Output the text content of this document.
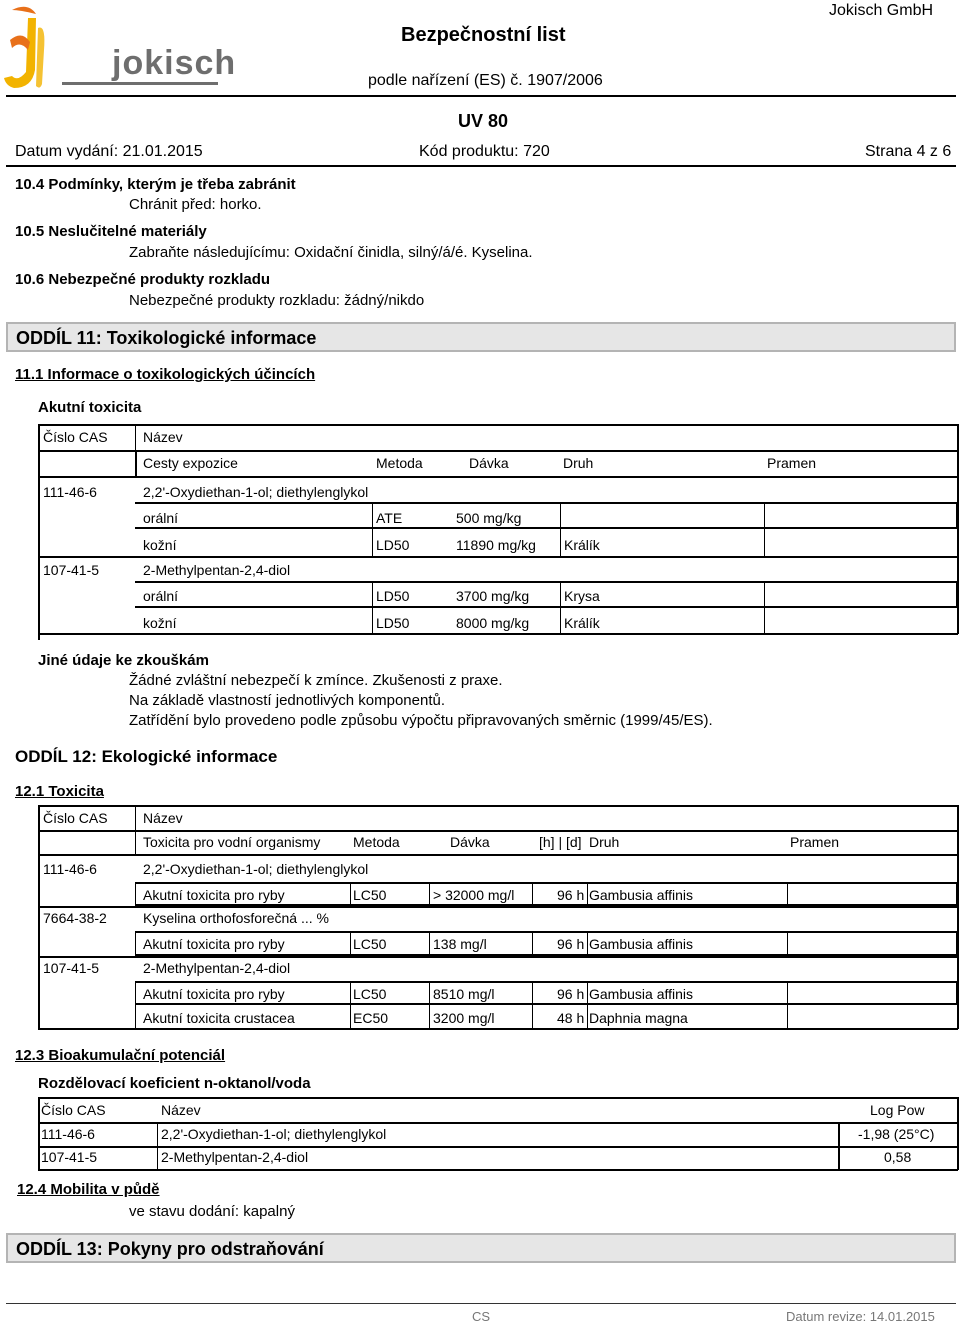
jokisch
Jokisch GmbH
Bezpečnostní list
podle nařízení (ES) č. 1907/2006
UV 80
Datum vydání: 21.01.2015	Kód produktu: 720	Strana 4 z 6
10.4 Podmínky, kterým je třeba zabránit
Chránit před: horko.
10.5 Neslučitelné materiály
Zabraňte následujícímu: Oxidační činidla, silný/á/é. Kyselina.
10.6 Nebezpečné produkty rozkladu
Nebezpečné produkty rozkladu: žádný/nikdo
ODDÍL 11: Toxikologické informace
11.1 Informace o toxikologických účincích
Akutní toxicita
Číslo CAS	Název
Cesty expozice	Metoda	Dávka	Druh	Pramen
111-46-6	2,2'-Oxydiethan-1-ol; diethylenglykol
orální	ATE	500 mg/kg
kožní	LD50	11890 mg/kg Králík
107-41-5	2-Methylpentan-2,4-diol
orální	LD50	3700 mg/kg Krysa
kožní	LD50	8000 mg/kg Králík
Jiné údaje ke zkouškám
Žádné zvláštní nebezpečí k zmínce. Zkušenosti z praxe.
Na základě vlastností jednotlivých komponentů.
Zatřídění bylo provedeno podle způsobu výpočtu připravovaných směrnic (1999/45/ES).
ODDÍL 12: Ekologické informace
12.1 Toxicita
Číslo CAS	Název
Toxicita pro vodní organismy Metoda	Dávka	[h] | [d] Druh	Pramen
111-46-6	2,2'-Oxydiethan-1-ol; diethylenglykol
Akutní toxicita pro ryby	LC50	> 32000 mg/l	96 h Gambusia affinis
7664-38-2	Kyselina orthofosforečná ... %
Akutní toxicita pro ryby	LC50	138 mg/l	96 h Gambusia affinis
107-41-5	2-Methylpentan-2,4-diol
Akutní toxicita pro ryby	LC50	8510 mg/l	96 h Gambusia affinis
Akutní toxicita crustacea	EC50	3200 mg/l	48 h Daphnia magna
12.3 Bioakumulační potenciál
Rozdělovací koeficient n-oktanol/voda
Číslo CAS	Název	Log Pow
111-46-6	2,2'-Oxydiethan-1-ol; diethylenglykol	-1,98 (25°C)
107-41-5	2-Methylpentan-2,4-diol	0,58
12.4 Mobilita v půdě
ve stavu dodání: kapalný
ODDÍL 13: Pokyny pro odstraňování
CS	Datum revize: 14.01.2015
